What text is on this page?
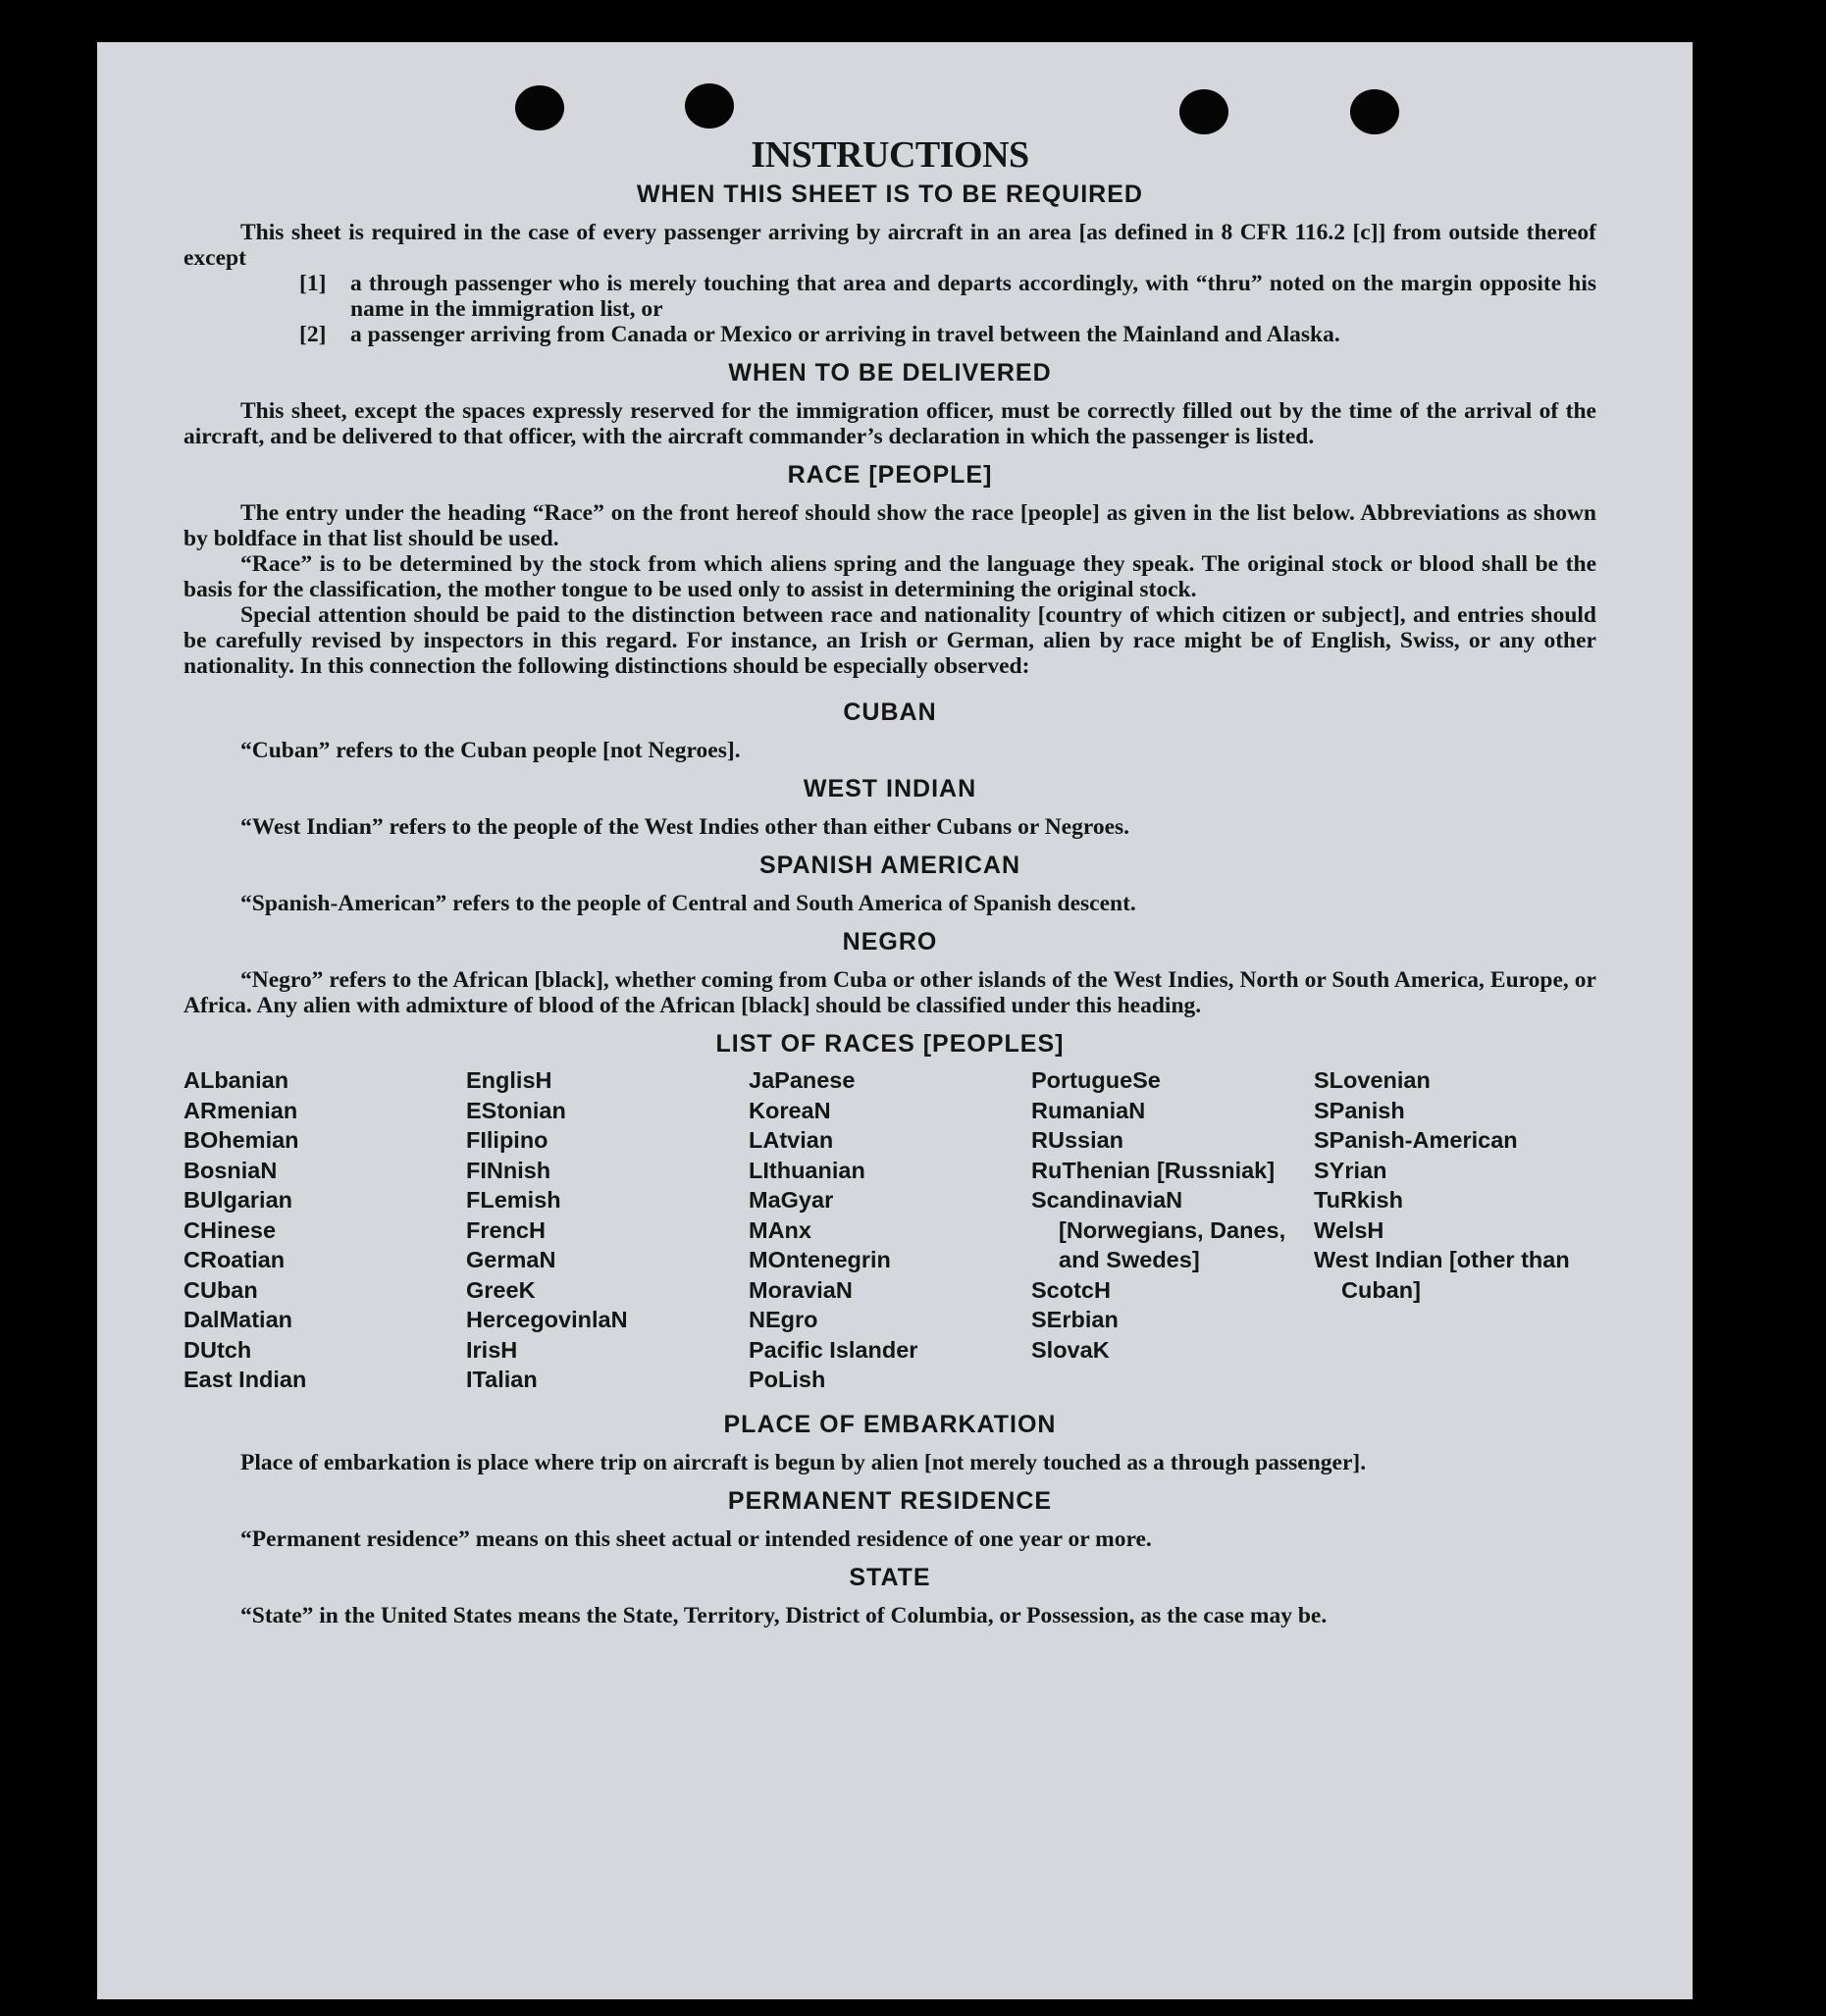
INSTRUCTIONS
WHEN THIS SHEET IS TO BE REQUIRED

This sheet is required in the case of every passenger arriving by aircraft in an area [as defined in 8 CFR 116.2 [c]] from outside thereof except

[1]	a through passenger who is merely touching that area and departs accordingly, with “thru” noted on the margin opposite his name in the immigration list, or
[2]	a passenger arriving from Canada or Mexico or arriving in travel between the Mainland and Alaska.
WHEN TO BE DELIVERED

This sheet, except the spaces expressly reserved for the immigration officer, must be correctly filled out by the time of the arrival of the aircraft, and be delivered to that officer, with the aircraft commander’s declaration in which the passenger is listed.

RACE [PEOPLE]

The entry under the heading “Race” on the front hereof should show the race [people] as given in the list below. Abbreviations as shown by boldface in that list should be used.

“Race” is to be determined by the stock from which aliens spring and the language they speak. The original stock or blood shall be the basis for the classification, the mother tongue to be used only to assist in determining the original stock.

Special attention should be paid to the distinction between race and nationality [country of which citizen or subject], and entries should be carefully revised by inspectors in this regard. For instance, an Irish or German, alien by race might be of English, Swiss, or any other nationality. In this connection the following distinctions should be especially observed:

CUBAN

“Cuban” refers to the Cuban people [not Negroes].

WEST INDIAN

“West Indian” refers to the people of the West Indies other than either Cubans or Negroes.

SPANISH AMERICAN

“Spanish-American” refers to the people of Central and South America of Spanish descent.

NEGRO

“Negro” refers to the African [black], whether coming from Cuba or other islands of the West Indies, North or South America, Europe, or Africa. Any alien with admixture of blood of the African [black] should be classified under this heading.

LIST OF RACES [PEOPLES]
ALbanian
ARmenian
BOhemian
BosniaN
BUlgarian
CHinese
CRoatian
CUban
DalMatian
DUtch
East Indian
EnglisH
EStonian
FIlipino
FINnish
FLemish
FrencH
GermaN
GreeK
HercegovinlaN
IrisH
ITalian
JaPanese
KoreaN
LAtvian
LIthuanian
MaGyar
MAnx
MOntenegrin
MoraviaN
NEgro
Pacific Islander
PoLish
PortugueSe
RumaniaN
RUssian
RuThenian [Russniak]
ScandinaviaN [Norwegians, Danes, and Swedes]
ScotcH
SErbian
SlovaK
SLovenian
SPanish
SPanish-American
SYrian
TuRkish
WelsH
West Indian [other than Cuban]
PLACE OF EMBARKATION

Place of embarkation is place where trip on aircraft is begun by alien [not merely touched as a through passenger].

PERMANENT RESIDENCE

“Permanent residence” means on this sheet actual or intended residence of one year or more.

STATE

“State” in the United States means the State, Territory, District of Columbia, or Possession, as the case may be.
